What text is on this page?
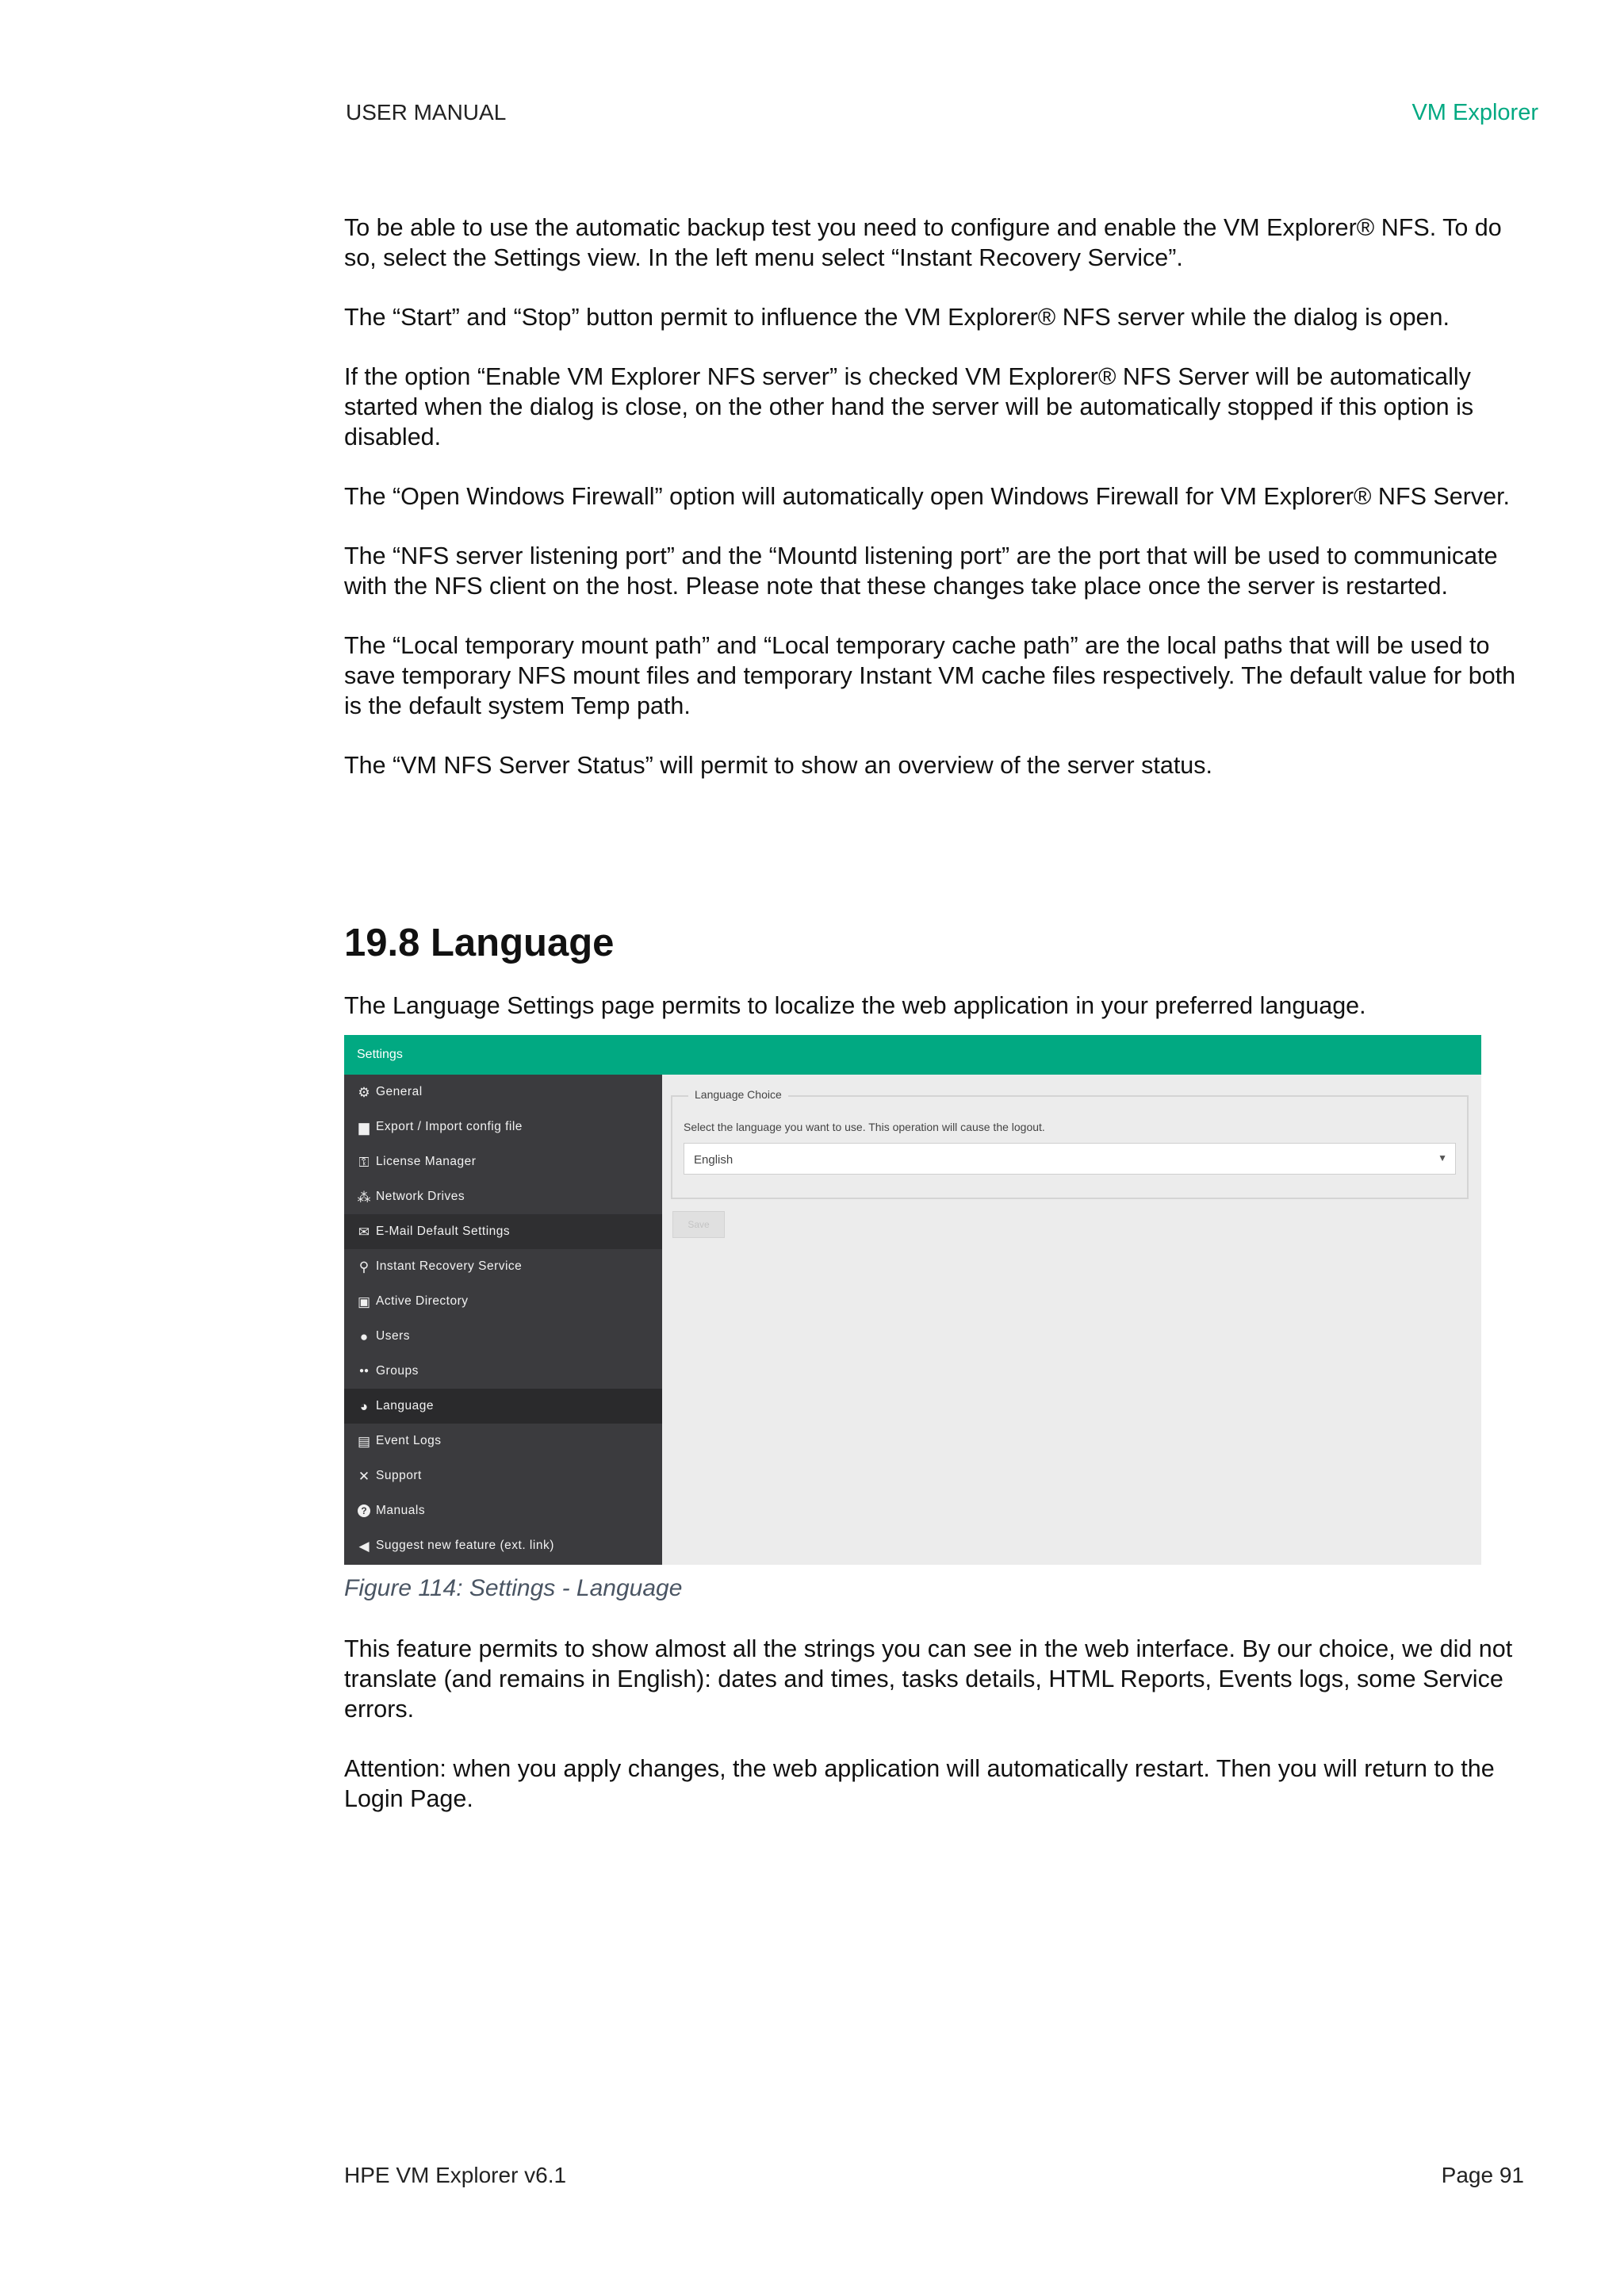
USER MANUAL	VM Explorer

To be able to use the automatic backup test you need to configure and enable the VM Explorer® NFS. To do so, select the Settings view. In the left menu select “Instant Recovery Service”.

The “Start” and “Stop” button permit to influence the VM Explorer® NFS server while the dialog is open.

If the option “Enable VM Explorer NFS server” is checked VM Explorer® NFS Server will be automatically started when the dialog is close, on the other hand the server will be automatically stopped if this option is disabled.

The “Open Windows Firewall” option will automatically open Windows Firewall for VM Explorer® NFS Server.

The “NFS server listening port” and the “Mountd listening port” are the port that will be used to communicate with the NFS client on the host. Please note that these changes take place once the server is restarted.

The “Local temporary mount path” and “Local temporary cache path” are the local paths that will be used to save temporary NFS mount files and temporary Instant VM cache files respectively. The default value for both is the default system Temp path.

The “VM NFS Server Status” will permit to show an overview of the server status.

19.8 Language

The Language Settings page permits to localize the web application in your preferred language.

Settings
⚙ General
▆ Export / Import config file
⚿ License Manager
⁂ Network Drives
✉ E-Mail Default Settings
⚲ Instant Recovery Service
▣ Active Directory
● Users
●● Groups
◕ Language
▤ Event Logs
✕ Support
? Manuals
◀ Suggest new feature (ext. link)
Language Choice
Select the language you want to use. This operation will cause the logout.
English	▼
Save
Figure 114: Settings - Language

This feature permits to show almost all the strings you can see in the web interface. By our choice, we did not translate (and remains in English): dates and times, tasks details, HTML Reports, Events logs, some Service errors.

Attention: when you apply changes, the web application will automatically restart. Then you will return to the Login Page.

HPE VM Explorer v6.1	Page 91
